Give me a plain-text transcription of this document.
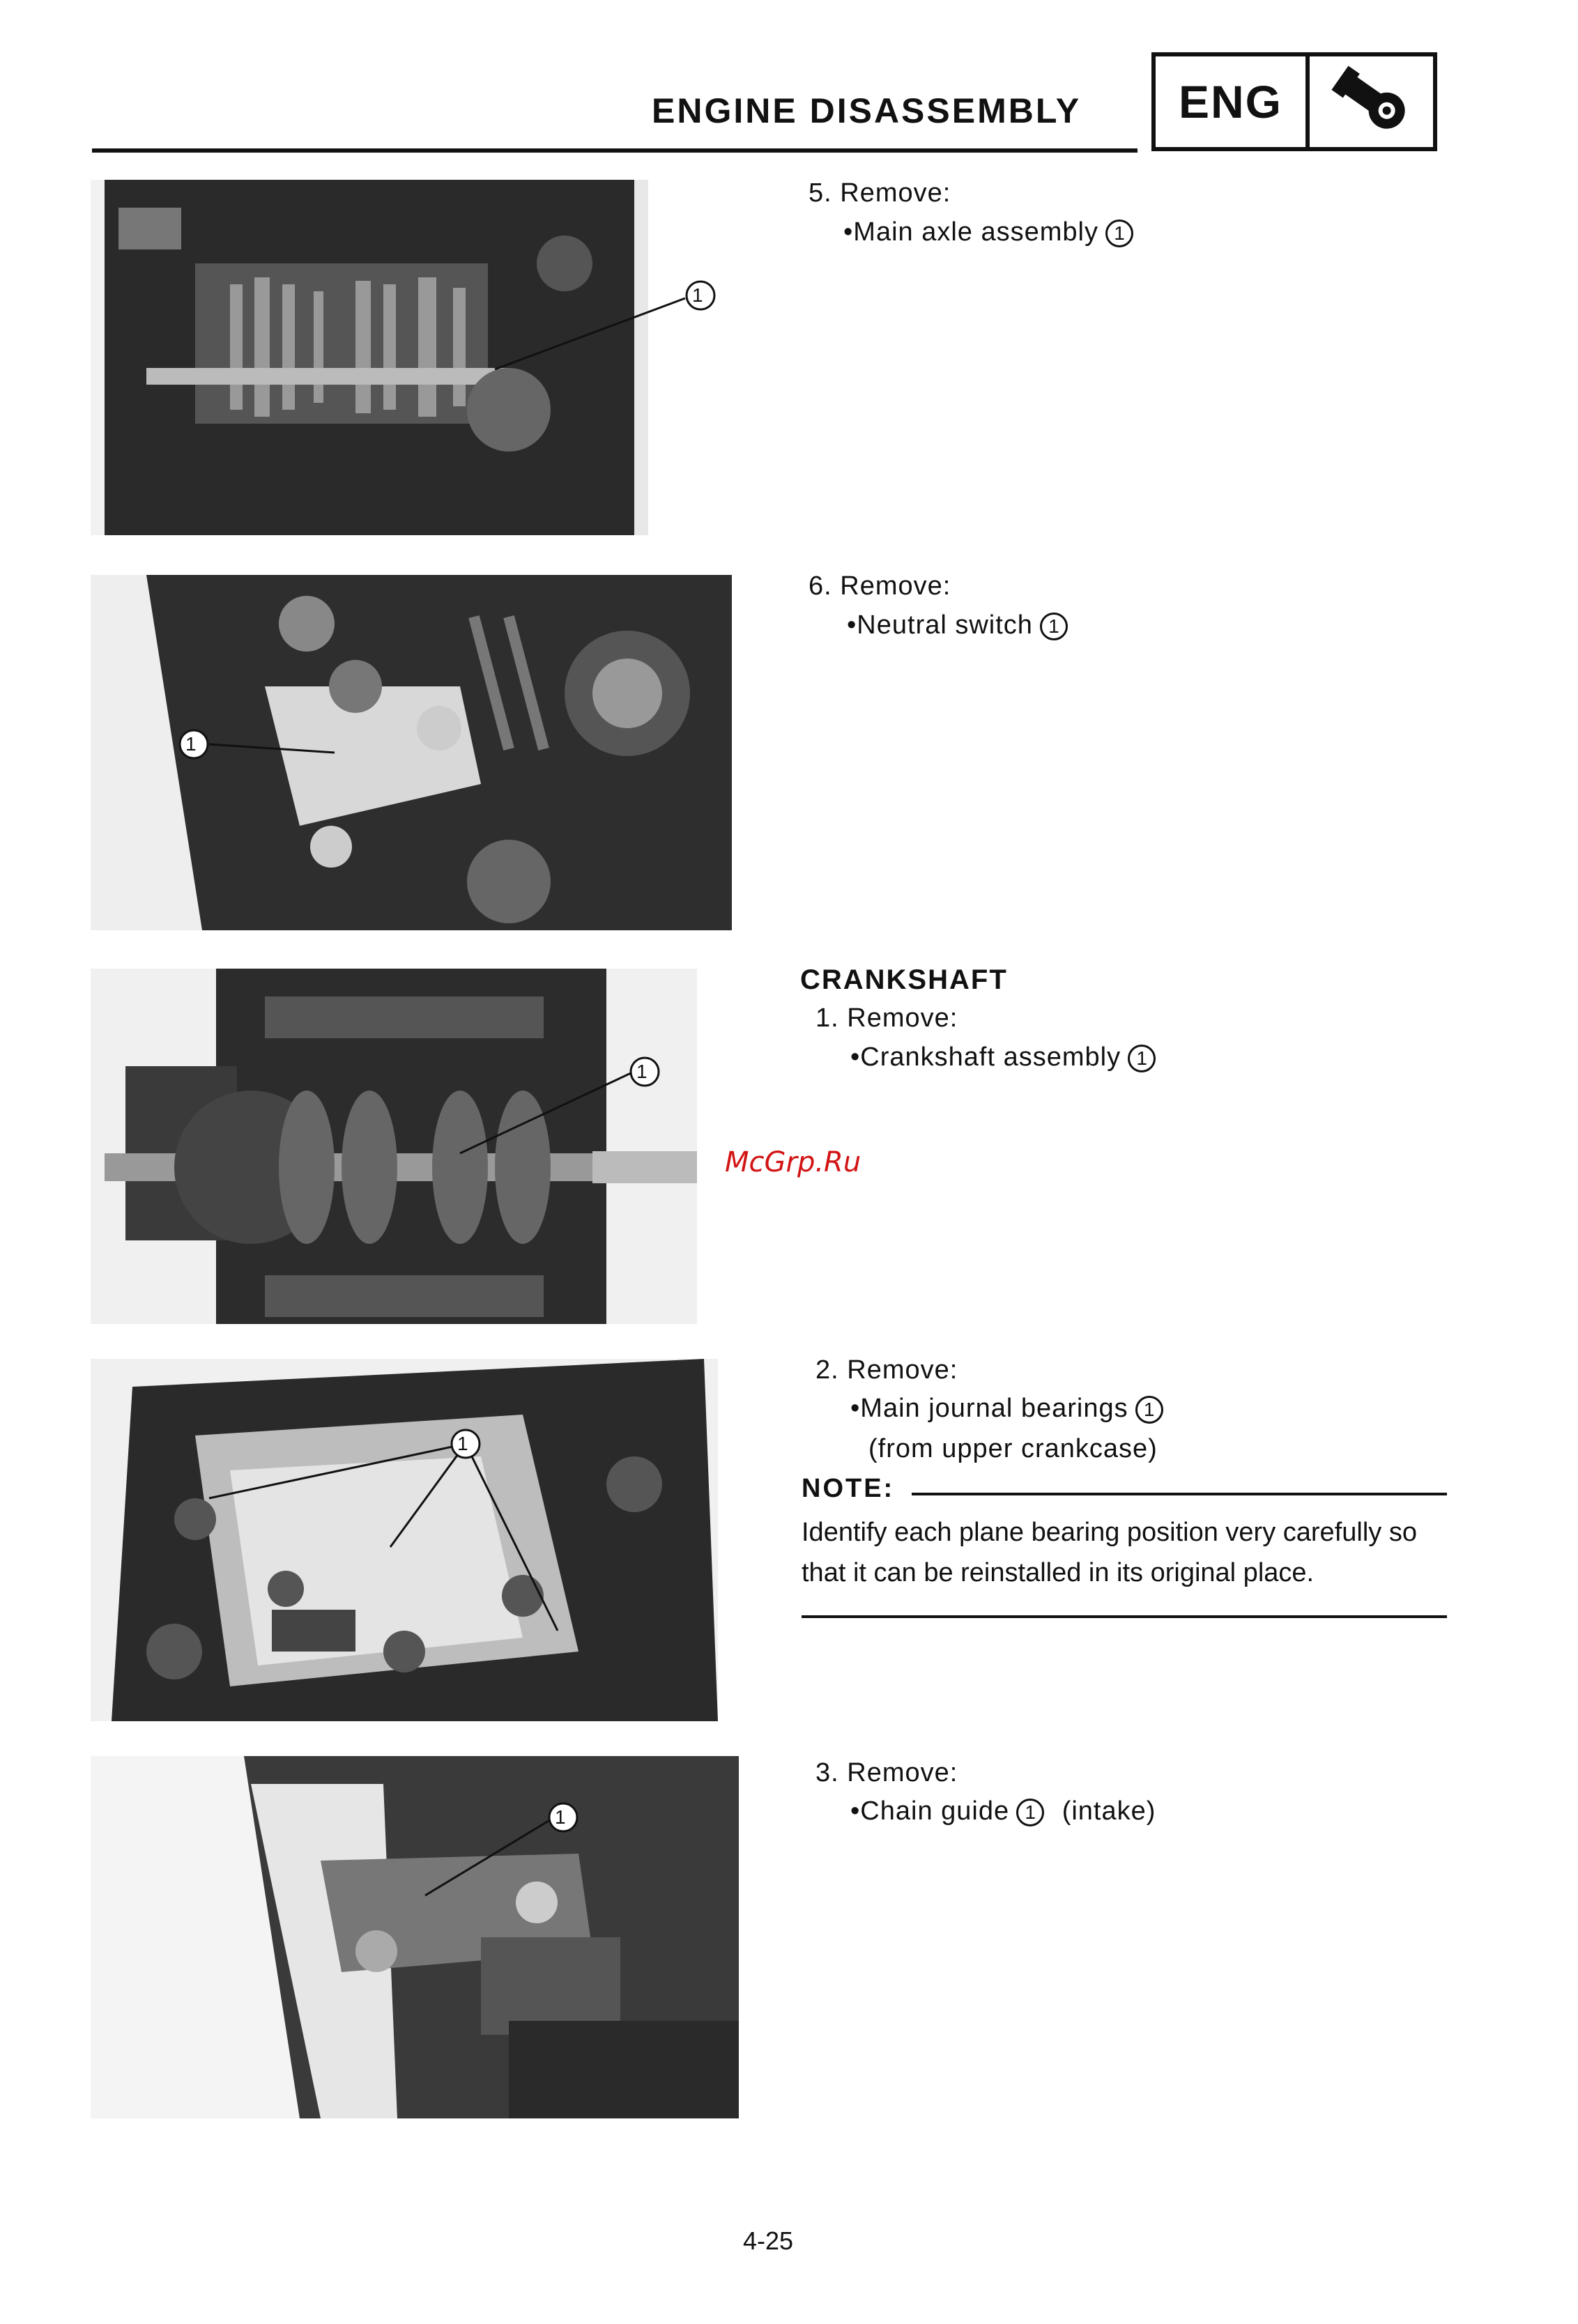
ENGINE DISASSEMBLY	ENG
1
1
1
1
1
5. Remove:
•Main axle assembly 1
6. Remove:
•Neutral switch 1
CRANKSHAFT
1. Remove:
•Crankshaft assembly 1
McGrp.Ru
2. Remove:
•Main journal bearings 1
(from upper crankcase)
NOTE:
Identify each plane bearing position very carefully so that it can be reinstalled in its original place.
3. Remove:
•Chain guide 1 (intake)
4-25
